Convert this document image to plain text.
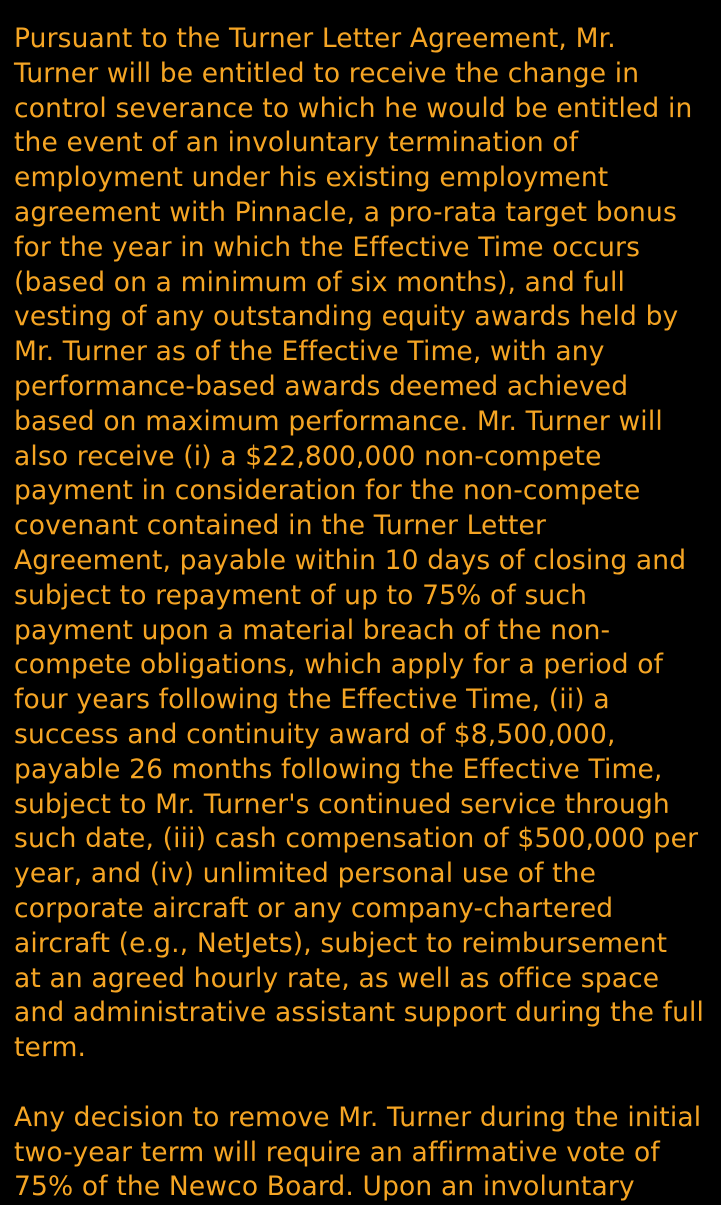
Pursuant to the Turner Letter Agreement, Mr.
Turner will be entitled to receive the change in
control severance to which he would be entitled in
the event of an involuntary termination of
employment under his existing employment
agreement with Pinnacle, a pro-rata target bonus
for the year in which the Effective Time occurs
(based on a minimum of six months), and full
vesting of any outstanding equity awards held by
Mr. Turner as of the Effective Time, with any
performance-based awards deemed achieved
based on maximum performance. Mr. Turner will
also receive (i) a $22,800,000 non-compete
payment in consideration for the non-compete
covenant contained in the Turner Letter
Agreement, payable within 10 days of closing and
subject to repayment of up to 75% of such
payment upon a material breach of the non-
compete obligations, which apply for a period of
four years following the Effective Time, (ii) a
success and continuity award of $8,500,000,
payable 26 months following the Effective Time,
subject to Mr. Turner's continued service through
such date, (iii) cash compensation of $500,000 per
year, and (iv) unlimited personal use of the
corporate aircraft or any company-chartered
aircraft (e.g., NetJets), subject to reimbursement
at an agreed hourly rate, as well as office space
and administrative assistant support during the full
term.
Any decision to remove Mr. Turner during the initial
two-year term will require an affirmative vote of
75% of the Newco Board. Upon an involuntary
